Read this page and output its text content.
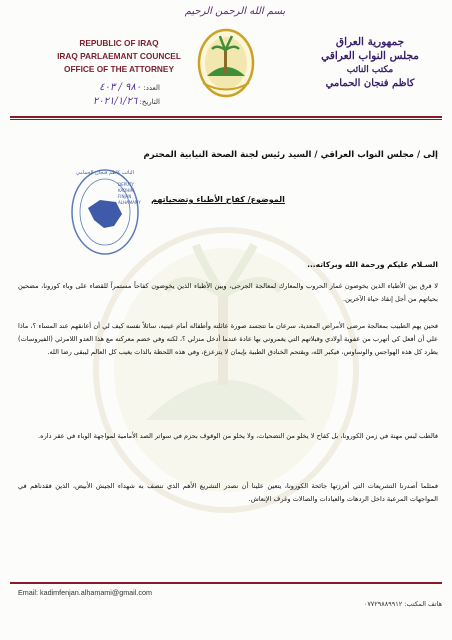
بسم الله الرحمن الرحيم
REPUBLIC OF IRAQ
IRAQ PARLAEMANT COUNCEL
OFFICE OF THE ATTORNEY
العدد: ٩٨٠ / ٤٠٣
التاريخ: ٢٠٢١/١/٢٦
جمهورية العراق
مجلس النواب العراقي
مكتب النائب
كاظم فنجان الحمامي
إلى / مجلس النواب العراقي / السيد رئيس لجنة الصحة النيابية المحترم
النائب كاظم فنجان الحمامي
DEPUTY KADHIM FINJAN ALHAMAMY	الموضوع/ كفاح الأطباء وتضحياتهم
السـلام عليكم ورحمة الله وبركاته...
لا فرق بين الأطباء الذين يخوضون غمار الحروب والمعارك لمعالجة الجرحى، وبين الأطباء الذين يخوضون كفاحاً مستمراً للقضاء على وباء كورونا، مضحين بحياتهم من أجل إنقاذ حياة الآخرين.
فحين يهم الطبيب بمعالجة مرضى الأمراض المعدية، سرعان ما تتجسد صورة عائلته وأطفاله أمام عينيه، سائلاً نفسه كيف لي أن أعانقهم عند المساء ؟، ماذا علي أن أفعل كي أتهرب من عفوية أولادي وقبلاتهم التي يغمروني بها عادة عندما أدخل منزلي ؟، لكنه وفي خضم معركته مع هذا العدو اللامرئي (الفيروسات) يطرد كل هذه الهواجس والوساوس، فيكبر الله، ويقتحم الخنادق الطبية بإيمان لا يتزعزع، وفي هذه اللحظة بالذات يغيب كل العالم ليبقى رضا الله.
فالطب ليس مهنة في زمن الكورونا، بل كفاح لا يخلو من التضحيات، ولا يخلو من الوقوف بحزم في سواتر الصد الأمامية لمواجهة الوباء في عقر داره.
فمثلما أصدرنا التشريعات التي أفرزتها جائحة الكورونا، يتعين علينا أن نصدر التشريع الأهم الذي تنصف به شهداء الجيش الأبيض، الذين فقدناهم في المواجهات المرعبة داخل الردهات والعيادات والصالات وغرف الإنعاش.
Email: kadimfenjan.alhamami@gmail.com
هاتف المكتب: ٠٧٧٢٩٨٨٩٩١٢
